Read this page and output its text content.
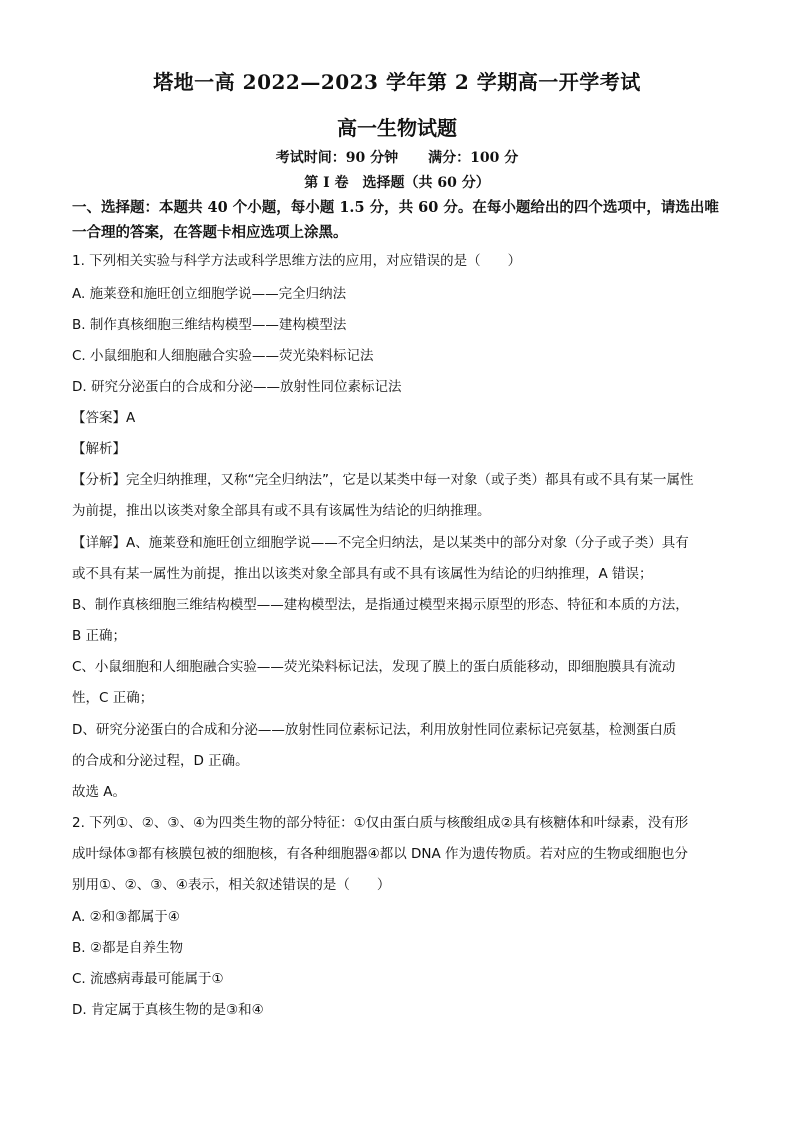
塔地一高 2022—2023 学年第 2 学期高一开学考试
高一生物试题
考试时间：90 分钟 满分：100 分
第 Ⅰ 卷　选择题（共 60 分）
一、选择题：本题共 40 个小题，每小题 1.5 分，共 60 分。在每小题给出的四个选项中，请选出唯一合理的答案，在答题卡相应选项上涂黑。
1. 下列相关实验与科学方法或科学思维方法的应用，对应错误的是（　　）
A. 施莱登和施旺创立细胞学说——完全归纳法
B. 制作真核细胞三维结构模型——建构模型法
C. 小鼠细胞和人细胞融合实验——荧光染料标记法
D. 研究分泌蛋白的合成和分泌——放射性同位素标记法
【答案】A
【解析】
【分析】完全归纳推理，又称“完全归纳法”，它是以某类中每一对象（或子类）都具有或不具有某一属性
为前提，推出以该类对象全部具有或不具有该属性为结论的归纳推理。
【详解】A、施莱登和施旺创立细胞学说——不完全归纳法，是以某类中的部分对象（分子或子类）具有
或不具有某一属性为前提，推出以该类对象全部具有或不具有该属性为结论的归纳推理，A 错误；
B、制作真核细胞三维结构模型——建构模型法，是指通过模型来揭示原型的形态、特征和本质的方法，
B 正确；
C、小鼠细胞和人细胞融合实验——荧光染料标记法，发现了膜上的蛋白质能移动，即细胞膜具有流动
性，C 正确；
D、研究分泌蛋白的合成和分泌——放射性同位素标记法，利用放射性同位素标记亮氨基，检测蛋白质
的合成和分泌过程，D 正确。
故选 A。
2. 下列①、②、③、④为四类生物的部分特征：①仅由蛋白质与核酸组成②具有核糖体和叶绿素，没有形
成叶绿体③都有核膜包被的细胞核，有各种细胞器④都以 DNA 作为遗传物质。若对应的生物或细胞也分
别用①、②、③、④表示，相关叙述错误的是（　　）
A. ②和③都属于④
B. ②都是自养生物
C. 流感病毒最可能属于①
D. 肯定属于真核生物的是③和④
